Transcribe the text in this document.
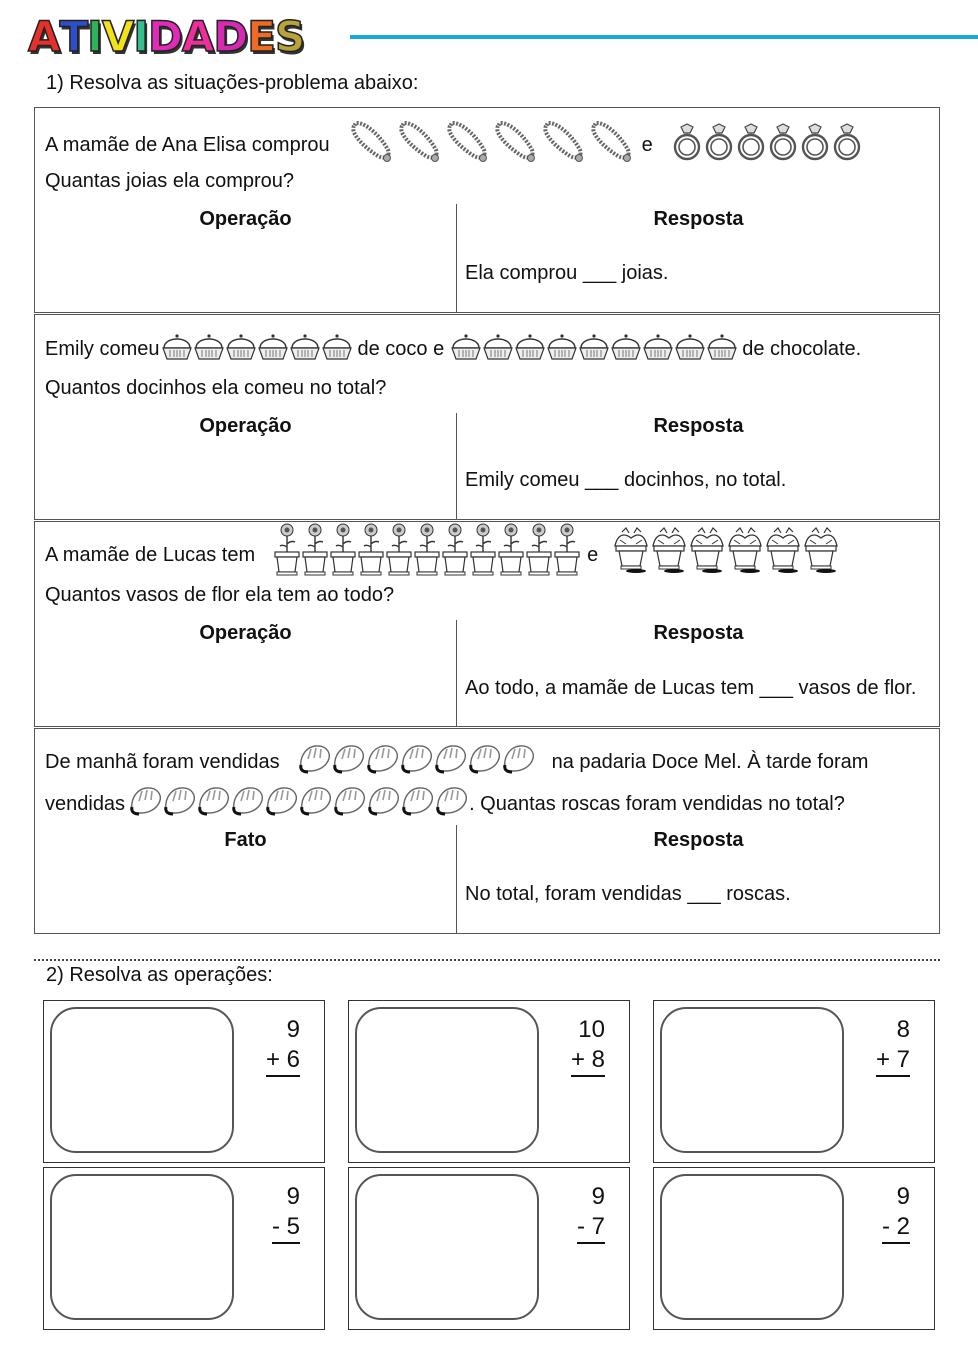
A T I V I D A D E S
1) Resolva as situações-problema abaixo:
A mamãe de Ana Elisa comprou	e
Quantas joias ela comprou?
Operação	Resposta
Ela comprou ___ joias.
Emily comeu	de coco e	de chocolate.
Quantos docinhos ela comeu no total?
Operação	Resposta
Emily comeu ___ docinhos, no total.
A mamãe de Lucas tem	e
Quantos vasos de flor ela tem ao todo?
Operação	Resposta
Ao todo, a mamãe de Lucas tem ___ vasos de flor.
De manhã foram vendidas	na padaria Doce Mel. À tarde foram
vendidas	. Quantas roscas foram vendidas no total?
Fato	Resposta
No total, foram vendidas ___ roscas.
2) Resolva as operações:
9
+ 6
10
+ 8
8
+ 7
9
- 5
9
- 7
9
- 2
